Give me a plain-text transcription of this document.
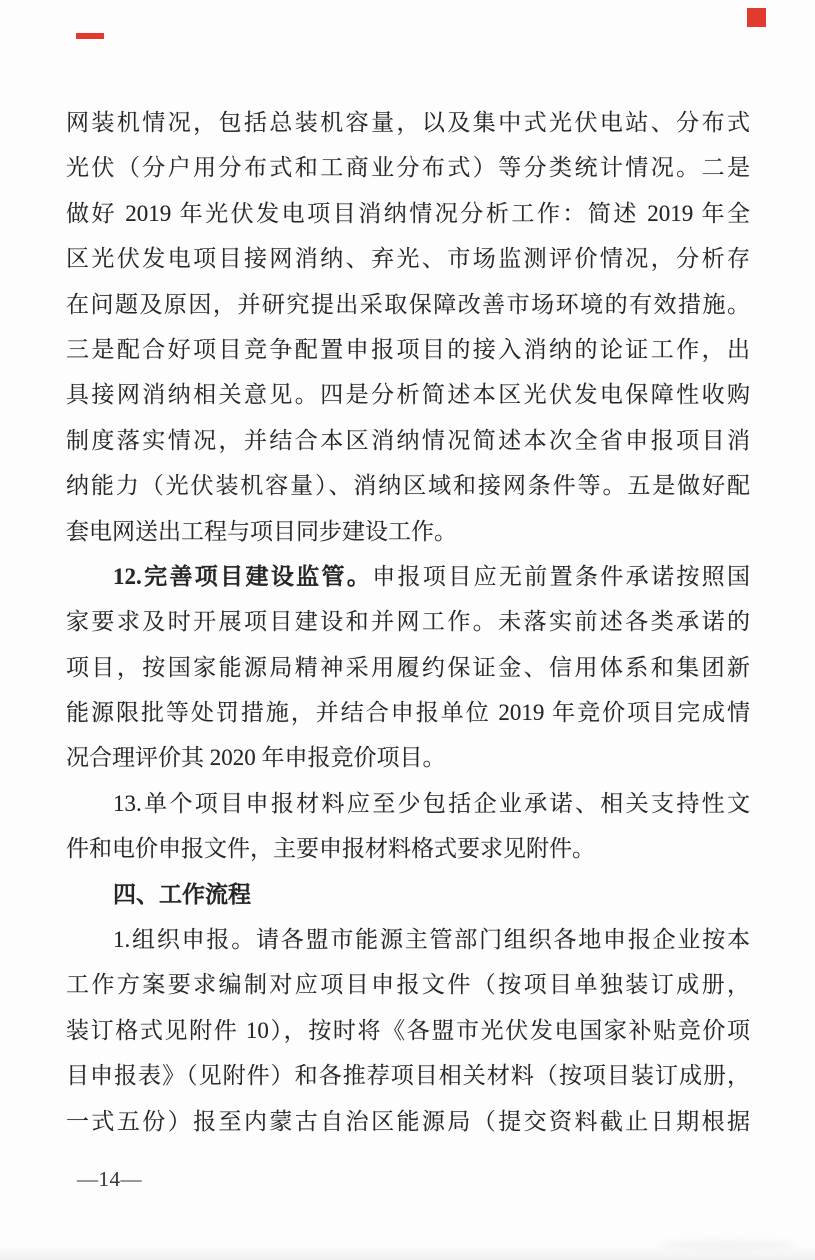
网装机情况，包括总装机容量，以及集中式光伏电站、分布式
光伏（分户用分布式和工商业分布式）等分类统计情况。二是
做好 2019 年光伏发电项目消纳情况分析工作：简述 2019 年全
区光伏发电项目接网消纳、弃光、市场监测评价情况，分析存
在问题及原因，并研究提出采取保障改善市场环境的有效措施。
三是配合好项目竞争配置申报项目的接入消纳的论证工作，出
具接网消纳相关意见。四是分析简述本区光伏发电保障性收购
制度落实情况，并结合本区消纳情况简述本次全省申报项目消
纳能力（光伏装机容量）、消纳区域和接网条件等。五是做好配
套电网送出工程与项目同步建设工作。
12.完善项目建设监管。申报项目应无前置条件承诺按照国
家要求及时开展项目建设和并网工作。未落实前述各类承诺的
项目，按国家能源局精神采用履约保证金、信用体系和集团新
能源限批等处罚措施，并结合申报单位 2019 年竞价项目完成情
况合理评价其 2020 年申报竞价项目。
13.单个项目申报材料应至少包括企业承诺、相关支持性文
件和电价申报文件，主要申报材料格式要求见附件。
四、工作流程
1.组织申报。请各盟市能源主管部门组织各地申报企业按本
工作方案要求编制对应项目申报文件（按项目单独装订成册，
装订格式见附件 10），按时将《各盟市光伏发电国家补贴竞价项
目申报表》（见附件）和各推荐项目相关材料（按项目装订成册，
一式五份）报至内蒙古自治区能源局（提交资料截止日期根据
—14—
